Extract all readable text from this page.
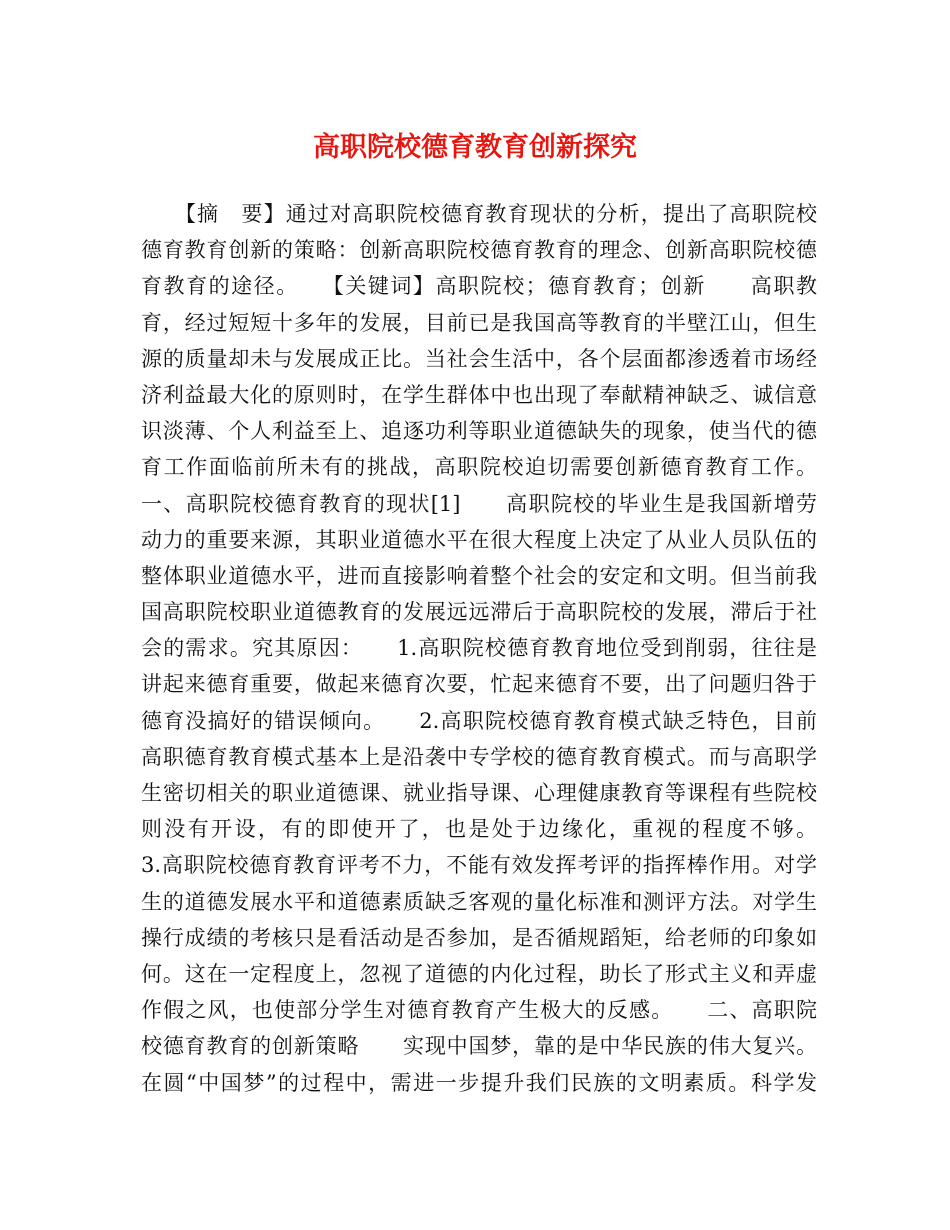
高职院校德育教育创新探究
　　【摘　要】通过对高职院校德育教育现状的分析，提出了高职院校
德育教育创新的策略：创新高职院校德育教育的理念、创新高职院校德
育教育的途径。　　【关键词】高职院校；德育教育；创新　　高职教
育，经过短短十多年的发展，目前已是我国高等教育的半壁江山，但生
源的质量却未与发展成正比。当社会生活中，各个层面都渗透着市场经
济利益最大化的原则时，在学生群体中也出现了奉献精神缺乏、诚信意
识淡薄、个人利益至上、追逐功利等职业道德缺失的现象，使当代的德
育工作面临前所未有的挑战，高职院校迫切需要创新德育教育工作。
一、高职院校德育教育的现状[1]　　高职院校的毕业生是我国新增劳
动力的重要来源，其职业道德水平在很大程度上决定了从业人员队伍的
整体职业道德水平，进而直接影响着整个社会的安定和文明。但当前我
国高职院校职业道德教育的发展远远滞后于高职院校的发展，滞后于社
会的需求。究其原因：　　1.高职院校德育教育地位受到削弱，往往是
讲起来德育重要，做起来德育次要，忙起来德育不要，出了问题归咎于
德育没搞好的错误倾向。　　2.高职院校德育教育模式缺乏特色，目前
高职德育教育模式基本上是沿袭中专学校的德育教育模式。而与高职学
生密切相关的职业道德课、就业指导课、心理健康教育等课程有些院校
则没有开设，有的即使开了，也是处于边缘化，重视的程度不够。
3.高职院校德育教育评考不力，不能有效发挥考评的指挥棒作用。对学
生的道德发展水平和道德素质缺乏客观的量化标准和测评方法。对学生
操行成绩的考核只是看活动是否参加，是否循规蹈矩，给老师的印象如
何。这在一定程度上，忽视了道德的内化过程，助长了形式主义和弄虚
作假之风，也使部分学生对德育教育产生极大的反感。　　二、高职院
校德育教育的创新策略　　实现中国梦，靠的是中华民族的伟大复兴。
在圆“中国梦”的过程中，需进一步提升我们民族的文明素质。科学发
